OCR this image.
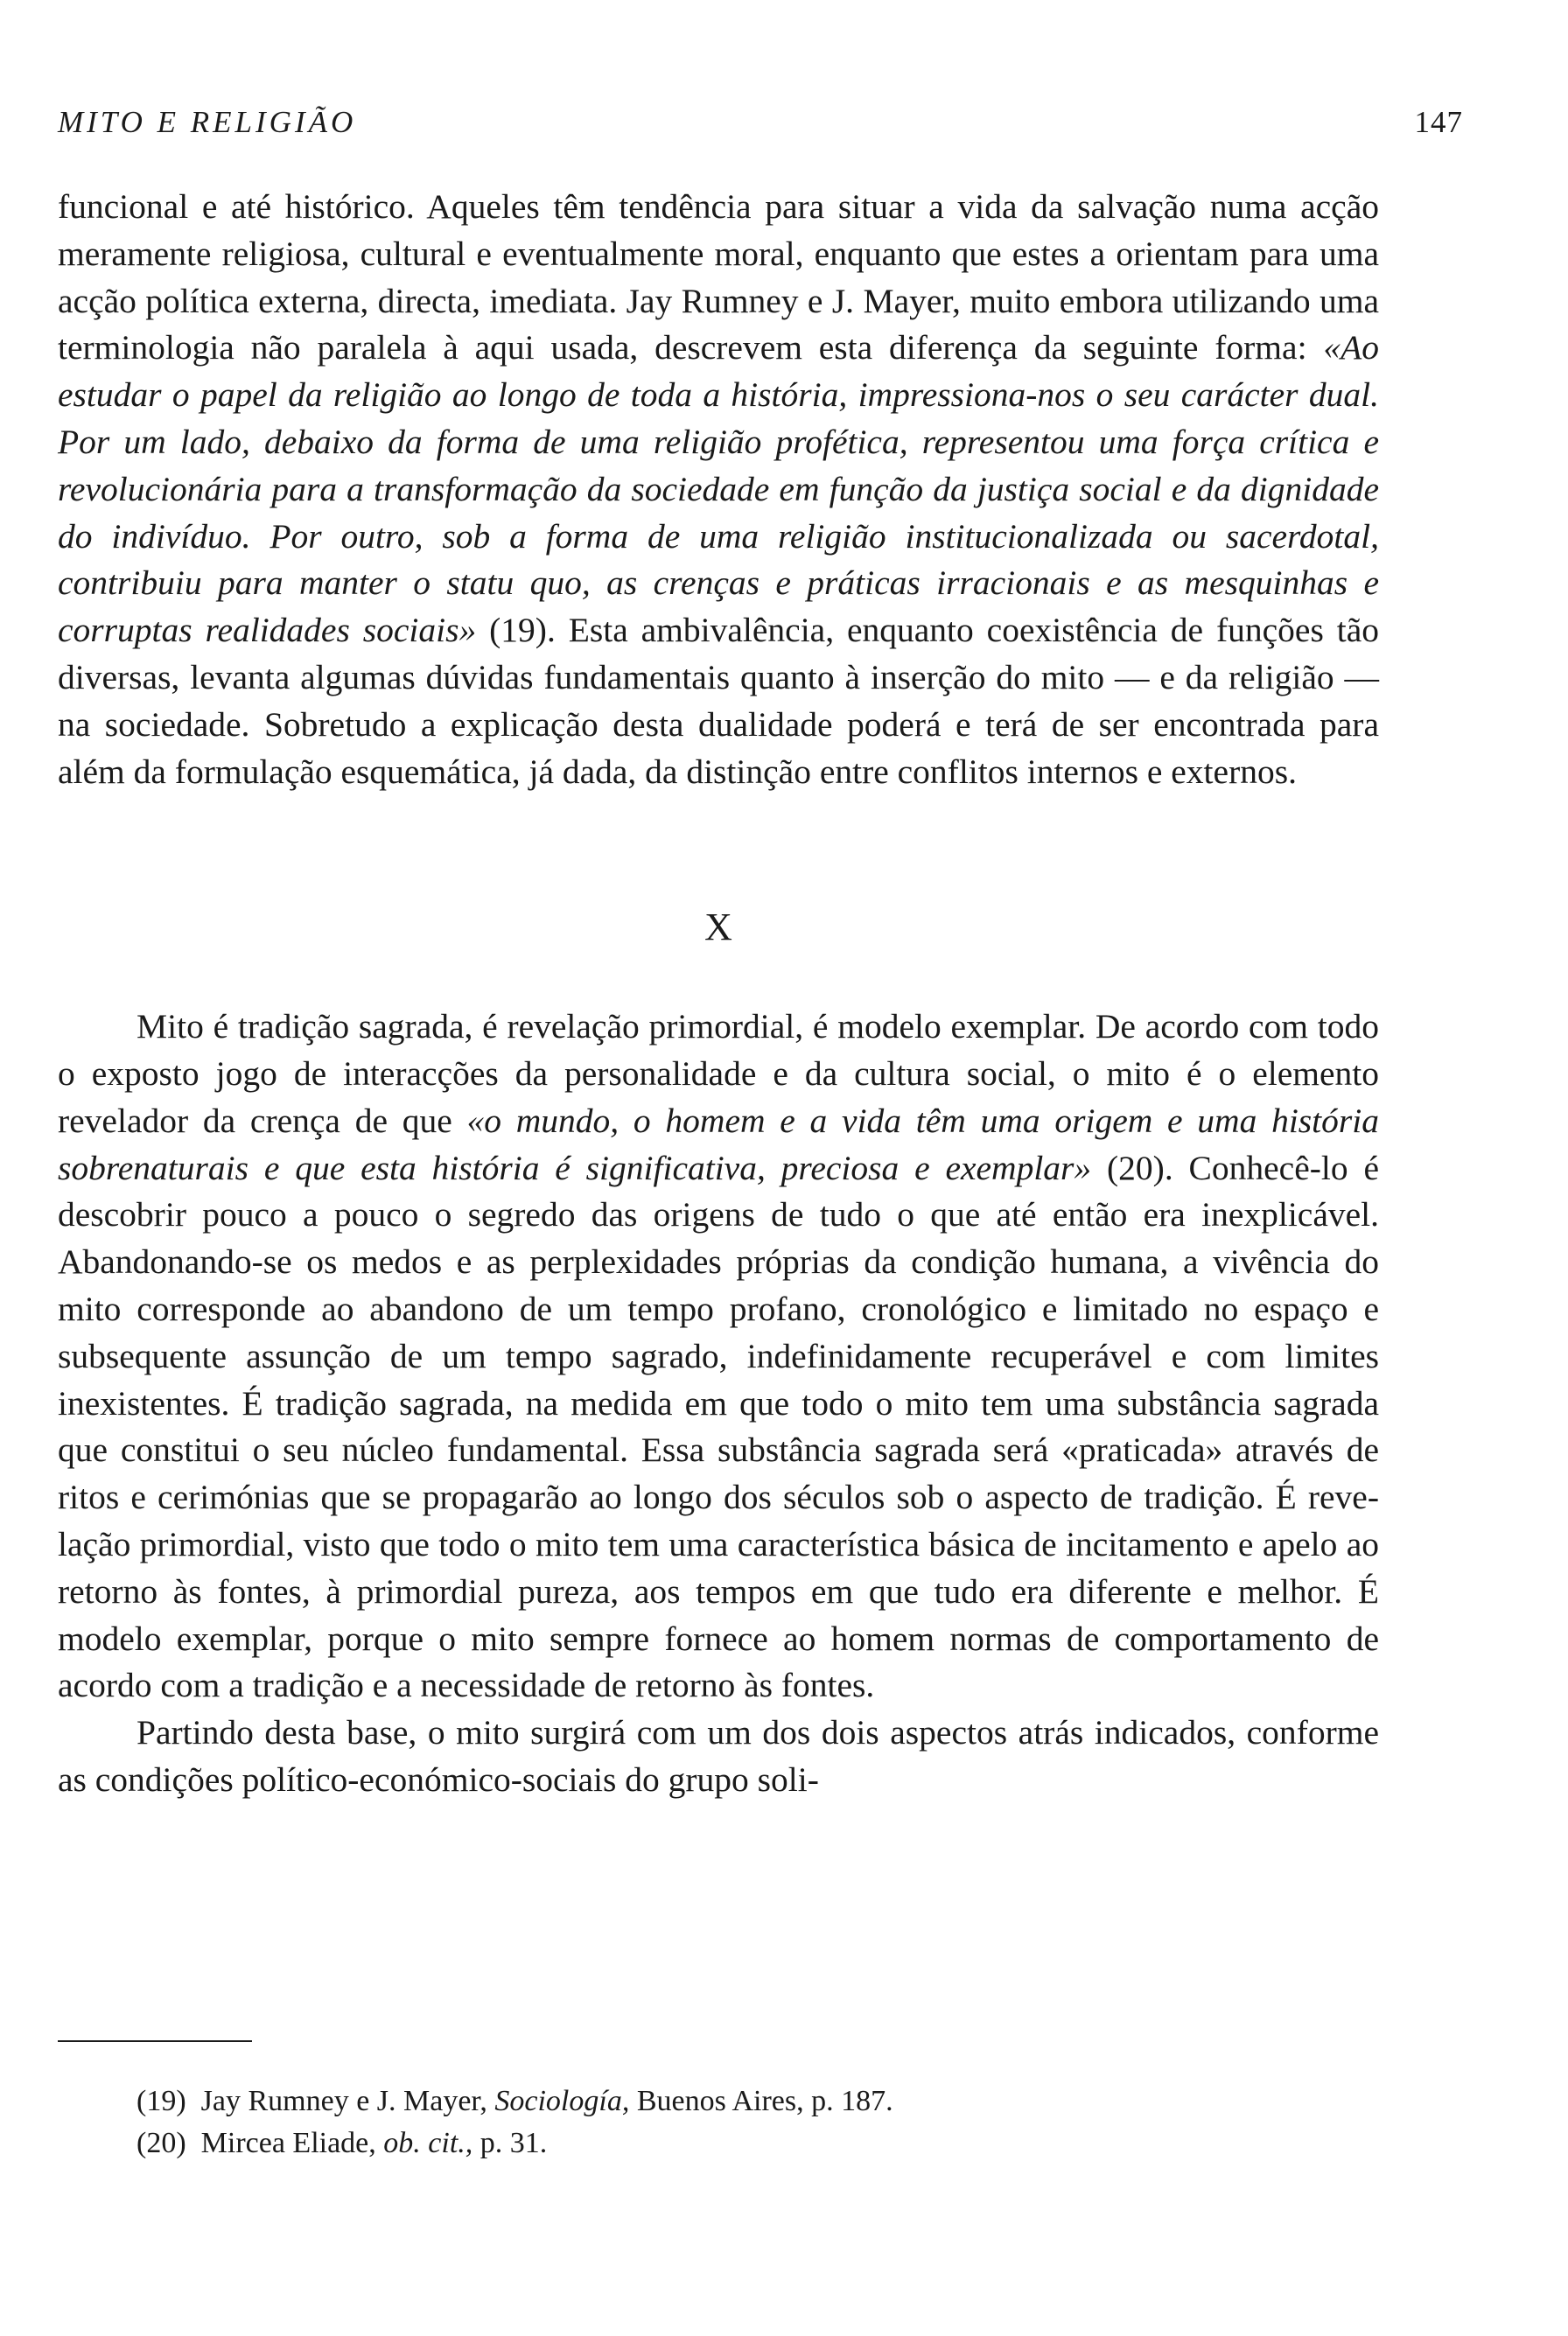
MITO E RELIGIÃO	147

funcional e até histórico. Aqueles têm tendência para situar a vida da salvação numa acção meramente religiosa, cultural e eventualmente moral, enquanto que estes a orientam para uma acção política externa, directa, imediata. Jay Rumney e J. Mayer, muito embora utilizando uma terminologia não paralela à aqui usada, descrevem esta diferença da seguinte forma: «Ao estudar o papel da religião ao longo de toda a história, impressiona-nos o seu carácter dual. Por um lado, debaixo da forma de uma religião profética, representou uma força crítica e revolucionária para a transformação da sociedade em função da justiça social e da dignidade do indivíduo. Por outro, sob a forma de uma religião institucionalizada ou sacerdotal, contribuiu para manter o statu quo, as crenças e práticas irracionais e as mesquinhas e corruptas realidades sociais» (19). Esta ambivalência, enquanto coexistência de funções tão diversas, levanta algumas dúvidas fundamentais quanto à inserção do mito — e da religião — na sociedade. Sobretudo a explicação desta dualidade poderá e terá de ser encontrada para além da formulação esquemática, já dada, da distinção entre conflitos internos e externos.

X

Mito é tradição sagrada, é revelação primordial, é modelo exemplar. De acordo com todo o exposto jogo de interacções da personalidade e da cultura social, o mito é o elemento revelador da crença de que «o mundo, o homem e a vida têm uma origem e uma história sobrenaturais e que esta história é significativa, preciosa e exemplar» (20). Conhecê-lo é descobrir pouco a pouco o segredo das origens de tudo o que até então era inexplicável. Abandonando-se os medos e as perplexidades próprias da condição humana, a vivência do mito corresponde ao abandono de um tempo profano, cronológico e limitado no espaço e subsequente assunção de um tempo sagrado, indefinidamente recuperável e com limites inexistentes. É tradição sagrada, na medida em que todo o mito tem uma substância sagrada que constitui o seu núcleo fundamental. Essa substância sagrada será «praticada» através de ritos e cerimónias que se propagarão ao longo dos séculos sob o aspecto de tradição. É revelação primordial, visto que todo o mito tem uma característica básica de incitamento e apelo ao retorno às fontes, à primordial pureza, aos tempos em que tudo era diferente e melhor. É modelo exemplar, porque o mito sempre fornece ao homem normas de comportamento de acordo com a tradição e a necessidade de retorno às fontes.

Partindo desta base, o mito surgirá com um dos dois aspectos atrás indicados, conforme as condições político-económico-sociais do grupo soli-

(19) Jay Rumney e J. Mayer, Sociología, Buenos Aires, p. 187.
(20) Mircea Eliade, ob. cit., p. 31.
